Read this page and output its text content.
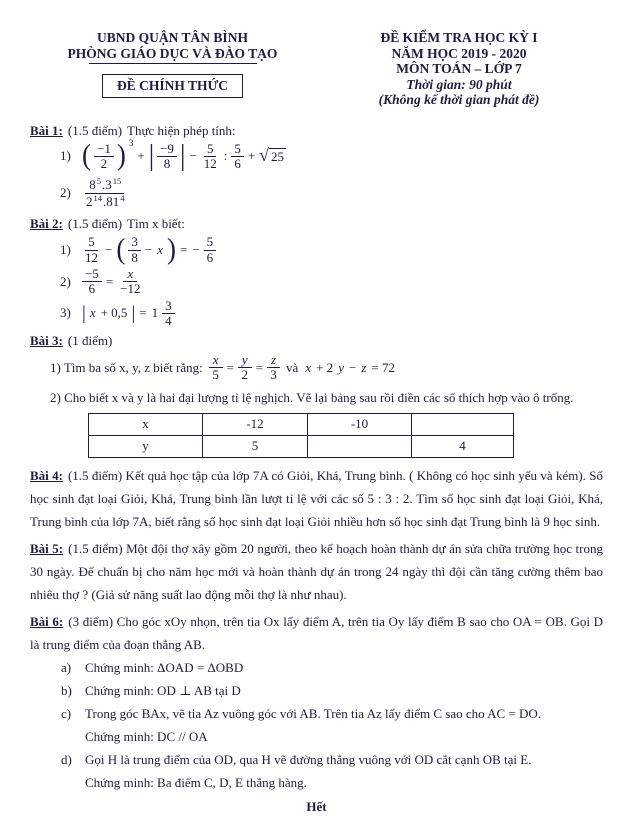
UBND QUẬN TÂN BÌNH
PHÒNG GIÁO DỤC VÀ ĐÀO TẠO
ĐỀ CHÍNH THỨC
ĐỀ KIỂM TRA HỌC KỲ I
NĂM HỌC 2019 - 2020
MÔN TOÁN – LỚP 7
Thời gian: 90 phút
(Không kể thời gian phát đề)
Bài 1: (1.5 điểm) Thực hiện phép tính:
1) ( −1
2 ) $^3$
+ | −9
8 | − $\frac{5}{12}$ :
5
6 + √ 25
2)
$8^5.3^{15}$
$2^{14}.81^4$
Bài 2: (1.5 điểm) Tìm x biết:
1)
5
12 − ( 3
8 − x ) = − $\frac{5}{6}$
$2) \frac{-5}{6} = \frac{x}{-12}$
3) | x + 0,5 | = 1
3
4
Bài 3: (1 điểm)
1) Tìm ba số x, y, z biết rằng: $\frac{x}{5} = \frac{y}{2} = \frac{z}{3}$ và x + 2 y − z = 72

2) Cho biết x và y là hai đại lượng tỉ lệ nghịch. Vẽ lại bảng sau rồi điền các số thích hợp vào ô trống.

x	-12	-10	
y	5		4

Bài 4: (1.5 điểm) Kết quả học tập của lớp 7A có Giỏi, Khá, Trung bình. ( Không có học sinh yếu và kém). Số học sinh đạt loại Giỏi, Khá, Trung bình lần lượt tỉ lệ với các số 5 : 3 : 2. Tìm số học sinh đạt loại Giỏi, Khá, Trung bình của lớp 7A, biết rằng số học sinh đạt loại Giỏi nhiều hơn số học sinh đạt Trung bình là 9 học sinh.

Bài 5: (1.5 điểm) Một đội thợ xây gồm 20 người, theo kế hoạch hoàn thành dự án sửa chữa trường học trong 30 ngày. Để chuẩn bị cho năm học mới và hoàn thành dự án trong 24 ngày thì đội cần tăng cường thêm bao nhiêu thợ ? (Giả sử năng suất lao động mỗi thợ là như nhau).

Bài 6: (3 điểm) Cho góc xOy nhọn, trên tia Ox lấy điểm A, trên tia Oy lấy điểm B sao cho OA = OB. Gọi D là trung điểm của đoạn thẳng AB.

a) Chứng minh: ΔOAD = ΔOBD

b) Chứng minh: OD ⊥ AB tại D

c) Trong góc BAx, vẽ tia Az vuông góc với AB. Trên tia Az lấy điểm C sao cho AC = DO.

Chứng minh: DC // OA

d) Gọi H là trung điểm của OD, qua H vẽ đường thẳng vuông với OD cắt cạnh OB tại E.

Chứng minh: Ba điểm C, D, E thẳng hàng.

Hết
